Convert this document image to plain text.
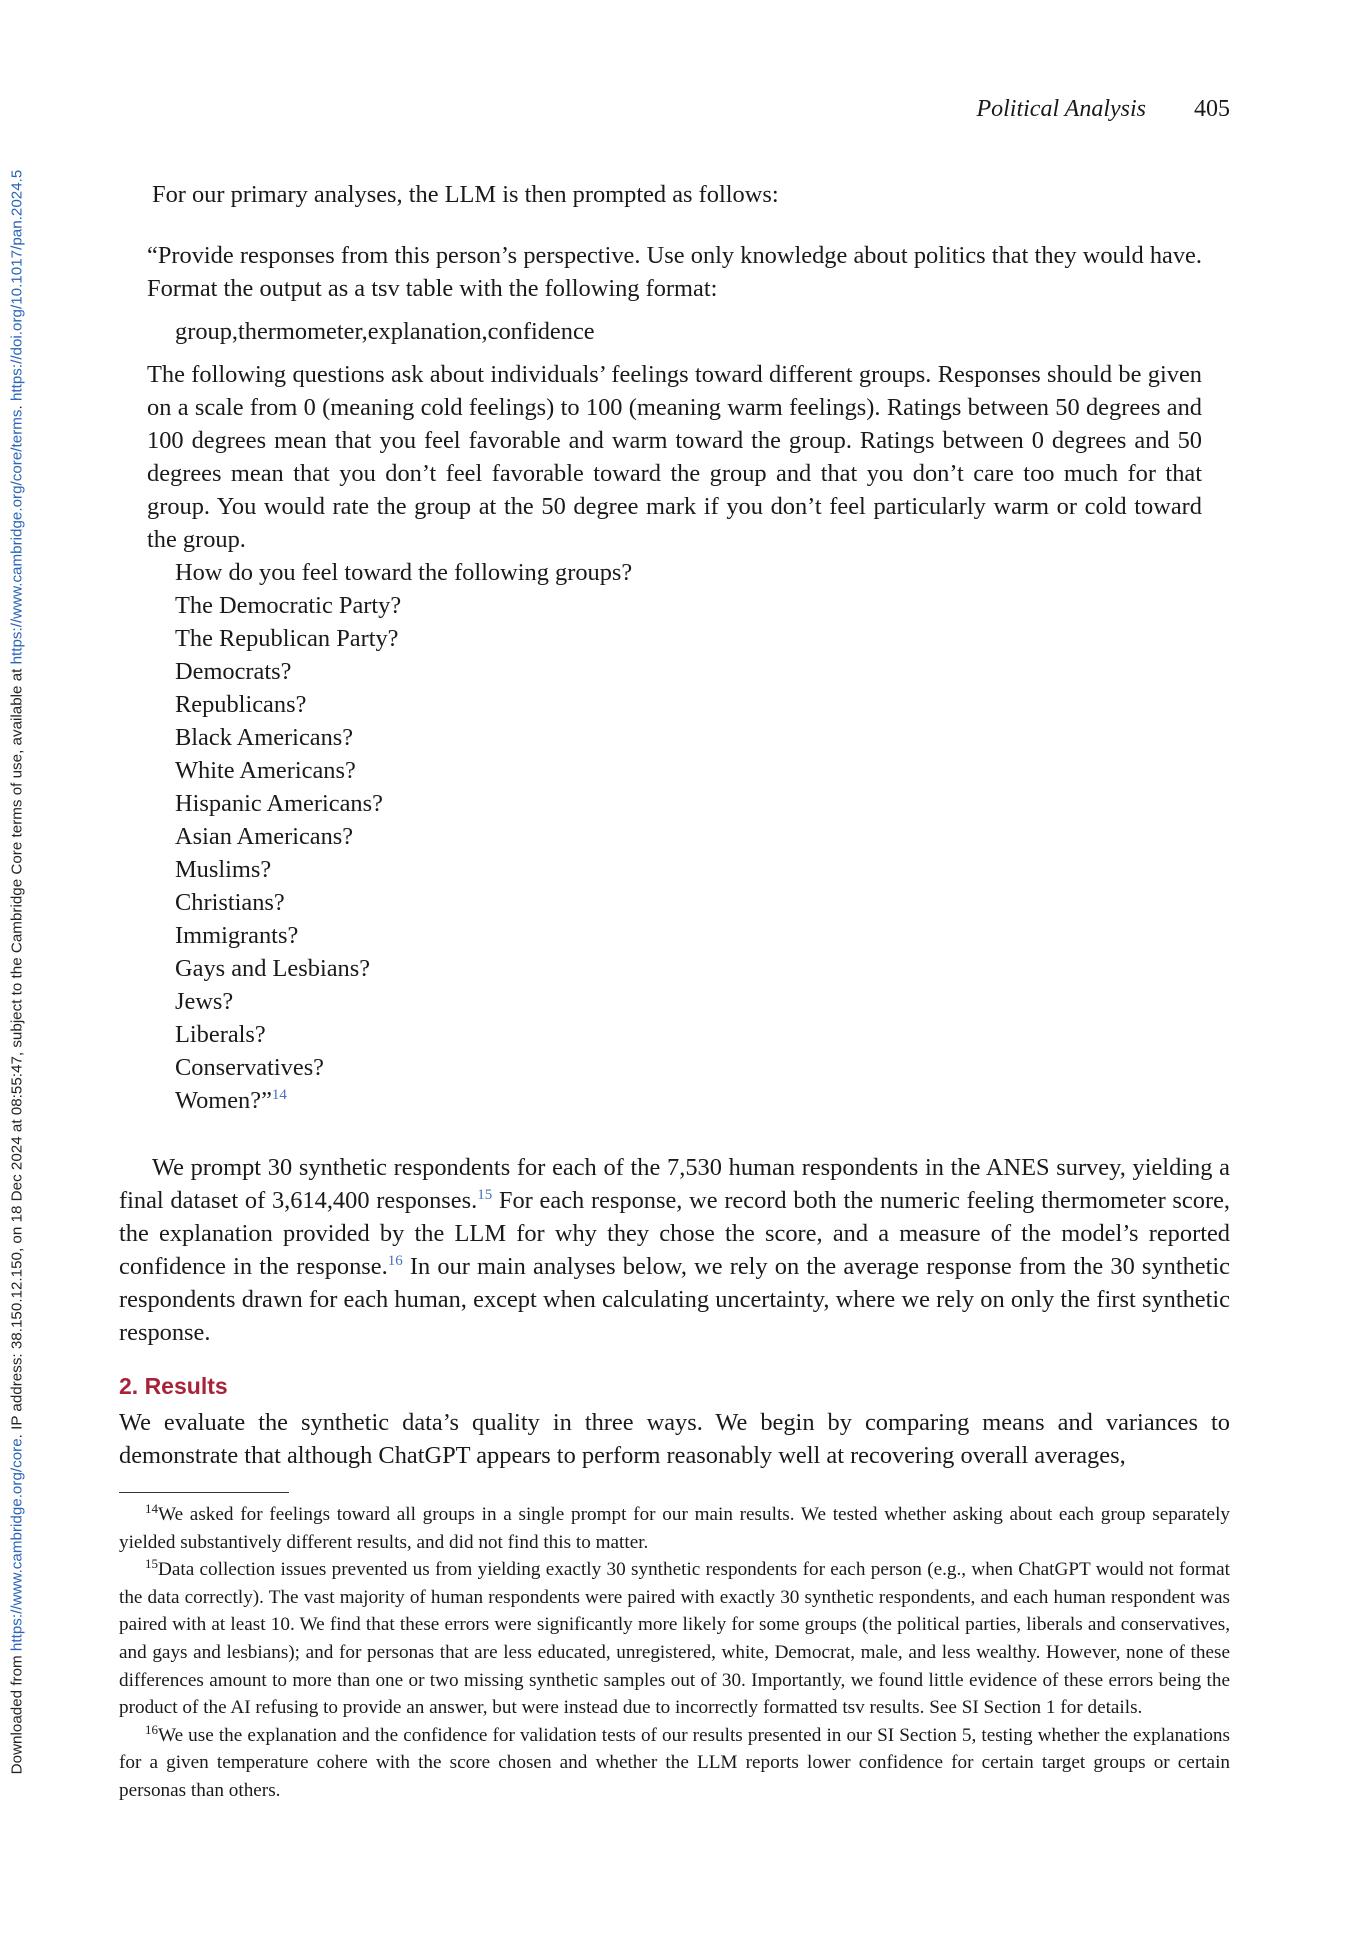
Downloaded from https://www.cambridge.org/core. IP address: 38.150.12.150, on 18 Dec 2024 at 08:55:47, subject to the Cambridge Core terms of use, available at https://www.cambridge.org/core/terms. https://doi.org/10.1017/pan.2024.5
Political Analysis 405

For our primary analyses, the LLM is then prompted as follows:

“Provide responses from this person’s perspective. Use only knowledge about politics that they would have. Format the output as a tsv table with the following format:

group,thermometer,explanation,confidence

The following questions ask about individuals’ feelings toward different groups. Responses should be given on a scale from 0 (meaning cold feelings) to 100 (meaning warm feelings). Ratings between 50 degrees and 100 degrees mean that you feel favorable and warm toward the group. Ratings between 0 degrees and 50 degrees mean that you don’t feel favorable toward the group and that you don’t care too much for that group. You would rate the group at the 50 degree mark if you don’t feel particularly warm or cold toward the group.

How do you feel toward the following groups?
The Democratic Party?
The Republican Party?
Democrats?
Republicans?
Black Americans?
White Americans?
Hispanic Americans?
Asian Americans?
Muslims?
Christians?
Immigrants?
Gays and Lesbians?
Jews?
Liberals?
Conservatives?
Women?”$^{14}$

We prompt 30 synthetic respondents for each of the 7,530 human respondents in the ANES survey, yielding a final dataset of 3,614,400 responses.$^{15}$ For each response, we record both the numeric feeling thermometer score, the explanation provided by the LLM for why they chose the score, and a measure of the model’s reported confidence in the response.$^{16}$ In our main analyses below, we rely on the average response from the 30 synthetic respondents drawn for each human, except when calculating uncertainty, where we rely on only the first synthetic response.

2. Results

We evaluate the synthetic data’s quality in three ways. We begin by comparing means and variances to demonstrate that although ChatGPT appears to perform reasonably well at recovering overall averages,

$^{14}$We asked for feelings toward all groups in a single prompt for our main results. We tested whether asking about each group separately yielded substantively different results, and did not find this to matter.

$^{15}$Data collection issues prevented us from yielding exactly 30 synthetic respondents for each person (e.g., when ChatGPT would not format the data correctly). The vast majority of human respondents were paired with exactly 30 synthetic respondents, and each human respondent was paired with at least 10. We find that these errors were significantly more likely for some groups (the political parties, liberals and conservatives, and gays and lesbians); and for personas that are less educated, unregistered, white, Democrat, male, and less wealthy. However, none of these differences amount to more than one or two missing synthetic samples out of 30. Importantly, we found little evidence of these errors being the product of the AI refusing to provide an answer, but were instead due to incorrectly formatted tsv results. See SI Section 1 for details.

$^{16}$We use the explanation and the confidence for validation tests of our results presented in our SI Section 5, testing whether the explanations for a given temperature cohere with the score chosen and whether the LLM reports lower confidence for certain target groups or certain personas than others.
